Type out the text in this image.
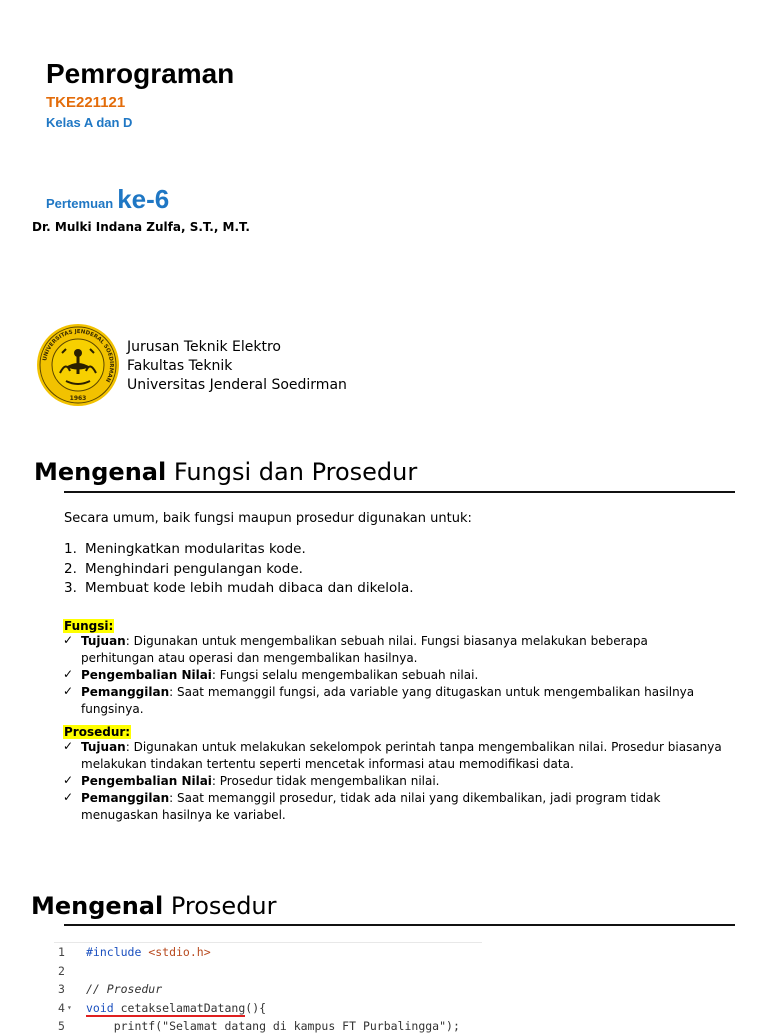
Pemrograman
TKE221121
Kelas A dan D
Pertemuan ke-6
Dr. Mulki Indana Zulfa, S.T., M.T.
UNIVERSITAS JENDERAL SOEDIRMAN
1963
Jurusan Teknik Elektro
Fakultas Teknik
Universitas Jenderal Soedirman
Mengenal Fungsi dan Prosedur
Secara umum, baik fungsi maupun prosedur digunakan untuk:
1. Meningkatkan modularitas kode.
2. Menghindari pengulangan kode.
3. Membuat kode lebih mudah dibaca dan dikelola.
Fungsi:
✓ Tujuan: Digunakan untuk mengembalikan sebuah nilai. Fungsi biasanya melakukan beberapa perhitungan atau operasi dan mengembalikan hasilnya.
✓ Pengembalian Nilai: Fungsi selalu mengembalikan sebuah nilai.
✓ Pemanggilan: Saat memanggil fungsi, ada variable yang ditugaskan untuk mengembalikan hasilnya fungsinya.
Prosedur:
✓ Tujuan: Digunakan untuk melakukan sekelompok perintah tanpa mengembalikan nilai. Prosedur biasanya melakukan tindakan tertentu seperti mencetak informasi atau memodifikasi data.
✓ Pengembalian Nilai: Prosedur tidak mengembalikan nilai.
✓ Pemanggilan: Saat memanggil prosedur, tidak ada nilai yang dikembalikan, jadi program tidak menugaskan hasilnya ke variabel.
Mengenal Prosedur
1	#include <stdio.h>
2
3	// Prosedur
4 ▾ void cetakselamatDatang(){
5	printf("Selamat datang di kampus FT Purbalingga");
